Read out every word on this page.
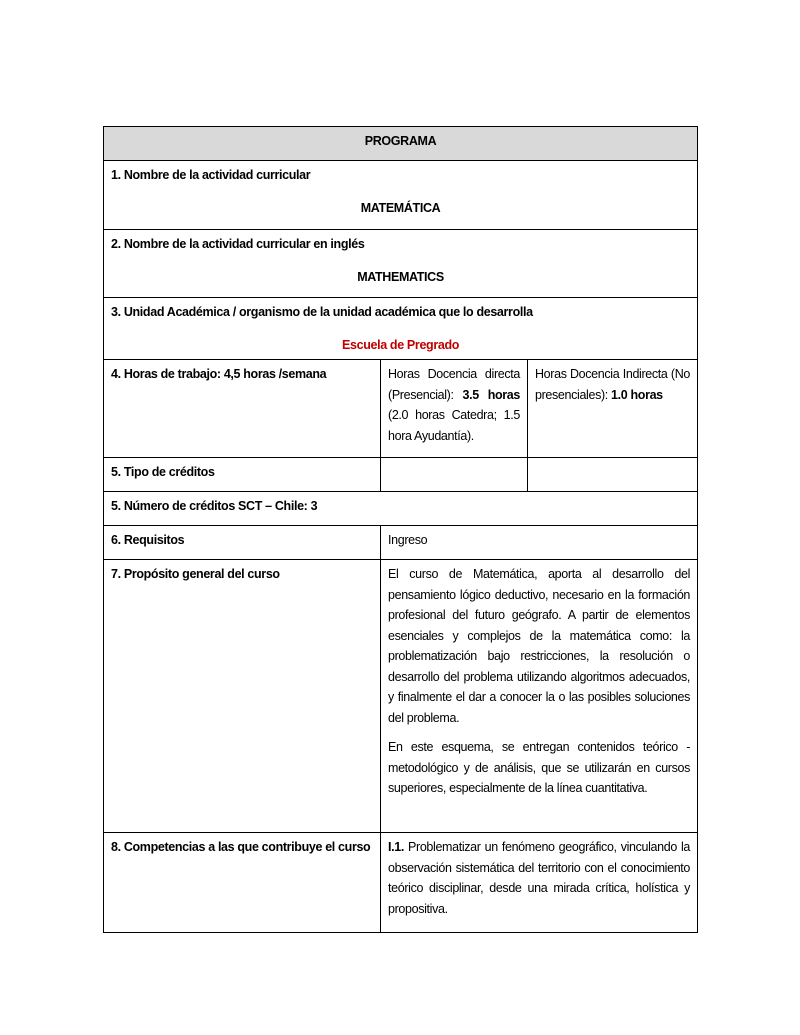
PROGRAMA		

1. Nombre de la actividad curricular
MATEMÁTICA		

2. Nombre de la actividad curricular en inglés
MATHEMATICS		

3. Unidad Académica / organismo de la unidad académica que lo desarrolla
Escuela de Pregrado		

4. Horas de trabajo: 4,5 horas /semana	Horas Docencia directa (Presencial): 3.5 horas (2.0 horas Catedra; 1.5 hora Ayudantía).	Horas Docencia Indirecta (No presenciales): 1.0 horas
5. Tipo de créditos		
5. Número de créditos SCT – Chile: 3		
6. Requisitos	Ingreso	
7. Propósito general del curso	El curso de Matemática, aporta al desarrollo del pensamiento lógico deductivo, necesario en la formación profesional del futuro geógrafo. A partir de elementos esenciales y complejos de la matemática como: la problematización bajo restricciones, la resolución o desarrollo del problema utilizando algoritmos adecuados, y finalmente el dar a conocer la o las posibles soluciones del problema.

En este esquema, se entregan contenidos teórico - metodológico y de análisis, que se utilizarán en cursos superiores, especialmente de la línea cuantitativa.	

8. Competencias a las que contribuye el curso	I.1. Problematizar un fenómeno geográfico, vinculando la observación sistemática del territorio con el conocimiento teórico disciplinar, desde una mirada crítica, holística y propositiva.	
